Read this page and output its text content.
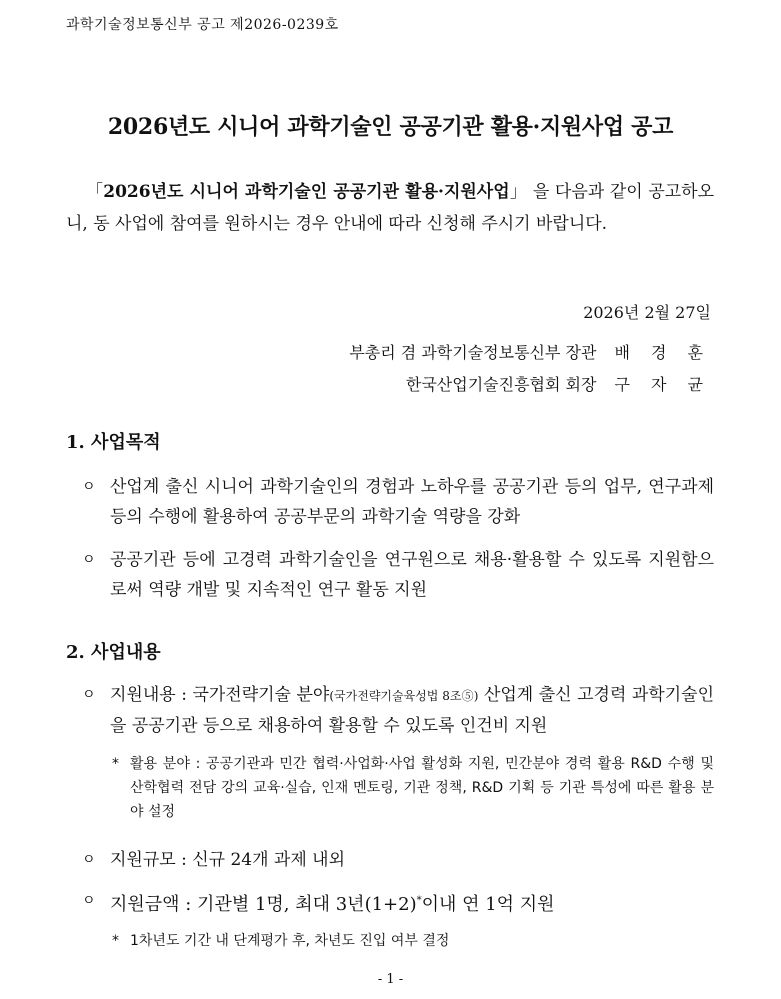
과학기술정보통신부 공고 제2026-0239호
2026년도 시니어 과학기술인 공공기관 활용·지원사업 공고
「2026년도 시니어 과학기술인 공공기관 활용·지원사업」 을 다음과 같이 공고하오니, 동 사업에 참여를 원하시는 경우 안내에 따라 신청해 주시기 바랍니다.
2026년 2월 27일
부총리 겸 과학기술정보통신부 장관 배 경 훈
한국산업기술진흥협회 회장 구 자 균
1. 사업목적
ㅇ 산업계 출신 시니어 과학기술인의 경험과 노하우를 공공기관 등의 업무, 연구과제 등의 수행에 활용하여 공공부문의 과학기술 역량을 강화
ㅇ 공공기관 등에 고경력 과학기술인을 연구원으로 채용·활용할 수 있도록 지원함으로써 역량 개발 및 지속적인 연구 활동 지원
2. 사업내용
ㅇ 지원내용 : 국가전략기술 분야(국가전략기술육성법 8조⑤) 산업계 출신 고경력 과학기술인을 공공기관 등으로 채용하여 활용할 수 있도록 인건비 지원
* 활용 분야 : 공공기관과 민간 협력·사업화·사업 활성화 지원, 민간분야 경력 활용 R&D 수행 및 산학협력 전담 강의 교육·실습, 인재 멘토링, 기관 정책, R&D 기획 등 기관 특성에 따른 활용 분야 설정
ㅇ 지원규모 : 신규 24개 과제 내외
ㅇ 지원금액 : 기관별 1명, 최대 3년(1+2)*이내 연 1억 지원
* 1차년도 기간 내 단계평가 후, 차년도 진입 여부 결정
- 1 -
